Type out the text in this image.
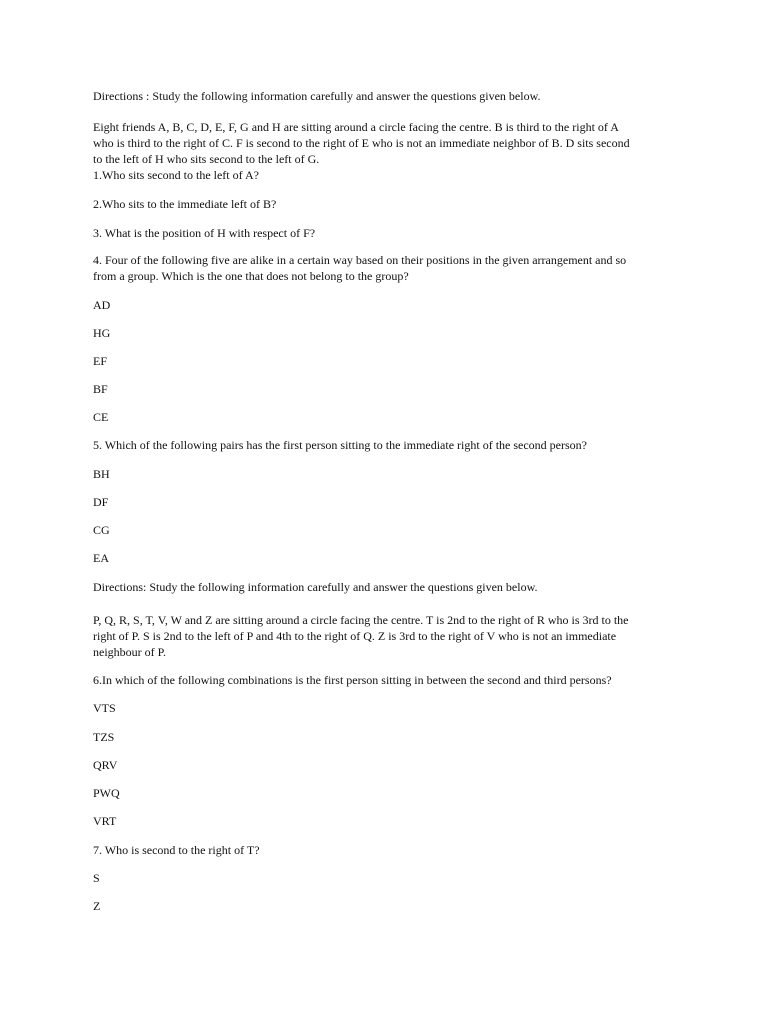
Directions : Study the following information carefully and answer the questions given below.

Eight friends A, B, C, D, E, F, G and H are sitting around a circle facing the centre. B is third to the right of A

who is third to the right of C. F is second to the right of E who is not an immediate neighbor of B. D sits second

to the left of H who sits second to the left of G.

1.Who sits second to the left of A?

2.Who sits to the immediate left of B?

3. What is the position of H with respect of F?

4. Four of the following five are alike in a certain way based on their positions in the given arrangement and so

from a group. Which is the one that does not belong to the group?

AD

HG

EF

BF

CE

5. Which of the following pairs has the first person sitting to the immediate right of the second person?

BH

DF

CG

EA

Directions: Study the following information carefully and answer the questions given below.

P, Q, R, S, T, V, W and Z are sitting around a circle facing the centre. T is 2nd to the right of R who is 3rd to the

right of P. S is 2nd to the left of P and 4th to the right of Q. Z is 3rd to the right of V who is not an immediate

neighbour of P.

6.In which of the following combinations is the first person sitting in between the second and third persons?

VTS

TZS

QRV

PWQ

VRT

7. Who is second to the right of T?

S

Z
